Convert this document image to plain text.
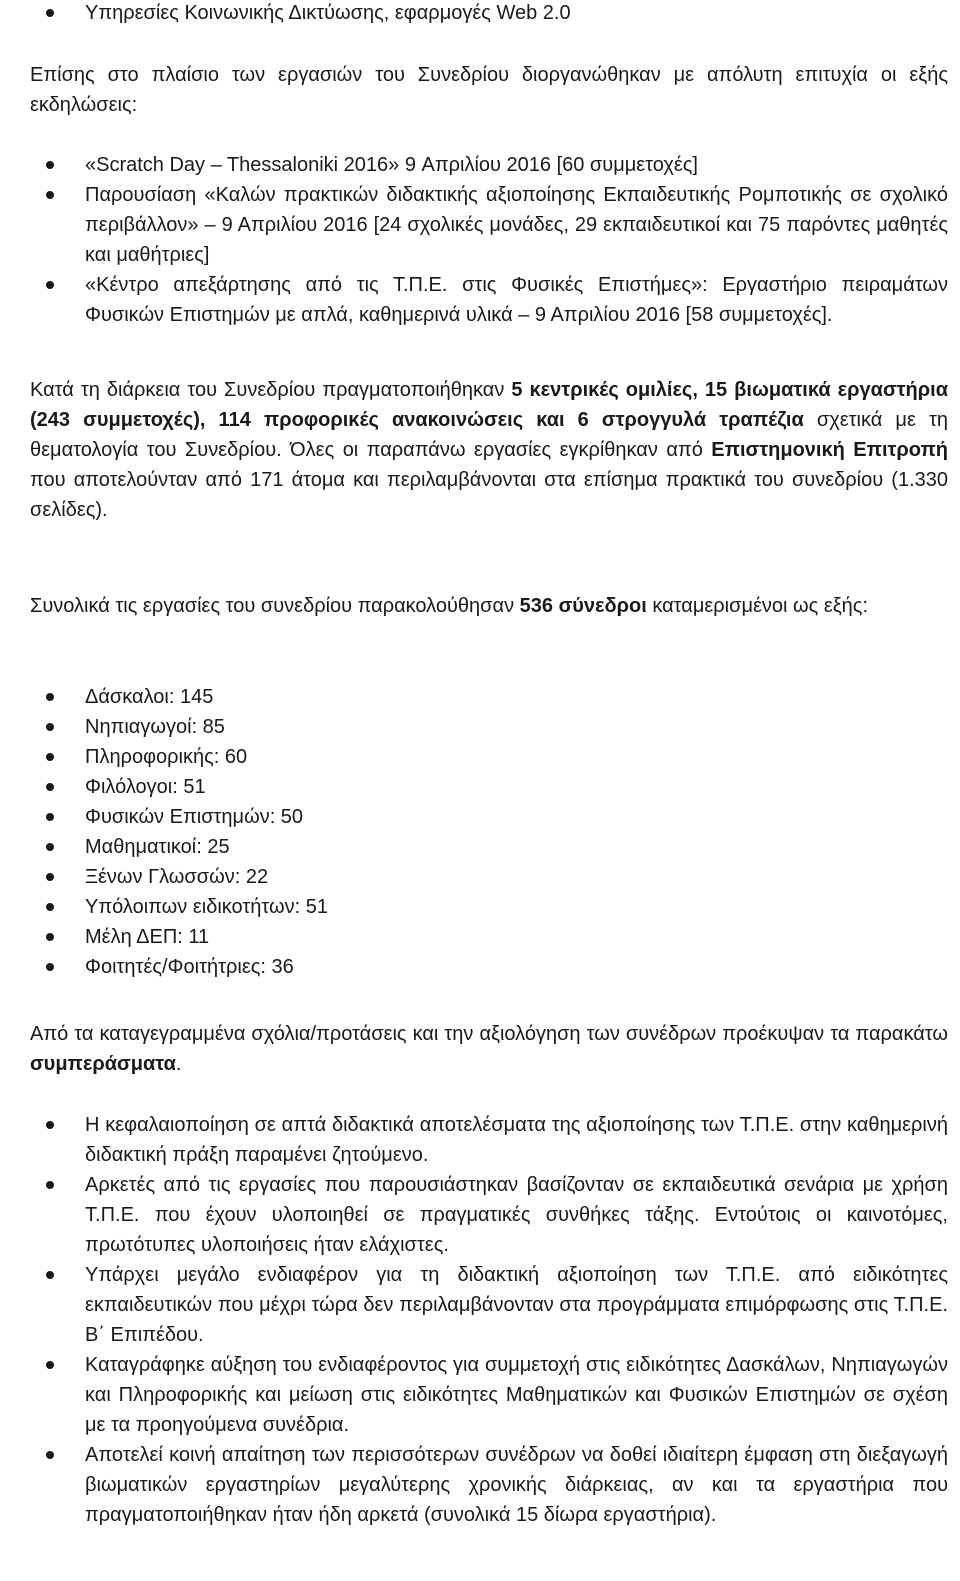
Υπηρεσίες Κοινωνικής Δικτύωσης, εφαρμογές Web 2.0

Επίσης στο πλαίσιο των εργασιών του Συνεδρίου διοργανώθηκαν με απόλυτη επιτυχία οι εξής εκδηλώσεις:

«Scratch Day – Thessaloniki 2016» 9 Απριλίου 2016 [60 συμμετοχές]
Παρουσίαση «Καλών πρακτικών διδακτικής αξιοποίησης Εκπαιδευτικής Ρομποτικής σε σχολικό περιβάλλον» – 9 Απριλίου 2016 [24 σχολικές μονάδες, 29 εκπαιδευτικοί και 75 παρόντες μαθητές και μαθήτριες]
«Κέντρο απεξάρτησης από τις Τ.Π.Ε. στις Φυσικές Επιστήμες»: Εργαστήριο πειραμάτων Φυσικών Επιστημών με απλά, καθημερινά υλικά – 9 Απριλίου 2016 [58 συμμετοχές].

Κατά τη διάρκεια του Συνεδρίου πραγματοποιήθηκαν 5 κεντρικές ομιλίες, 15 βιωματικά εργαστήρια (243 συμμετοχές), 114 προφορικές ανακοινώσεις και 6 στρογγυλά τραπέζια σχετικά με τη θεματολογία του Συνεδρίου. Όλες οι παραπάνω εργασίες εγκρίθηκαν από Επιστημονική Επιτροπή που αποτελούνταν από 171 άτομα και περιλαμβάνονται στα επίσημα πρακτικά του συνεδρίου (1.330 σελίδες).

Συνολικά τις εργασίες του συνεδρίου παρακολούθησαν 536 σύνεδροι καταμερισμένοι ως εξής:

Δάσκαλοι: 145
Νηπιαγωγοί: 85
Πληροφορικής: 60
Φιλόλογοι: 51
Φυσικών Επιστημών: 50
Μαθηματικοί: 25
Ξένων Γλωσσών: 22
Υπόλοιπων ειδικοτήτων: 51
Μέλη ΔΕΠ: 11
Φοιτητές/Φοιτήτριες: 36

Από τα καταγεγραμμένα σχόλια/προτάσεις και την αξιολόγηση των συνέδρων προέκυψαν τα παρακάτω συμπεράσματα.

Η κεφαλαιοποίηση σε απτά διδακτικά αποτελέσματα της αξιοποίησης των Τ.Π.Ε. στην καθημερινή διδακτική πράξη παραμένει ζητούμενο.
Αρκετές από τις εργασίες που παρουσιάστηκαν βασίζονταν σε εκπαιδευτικά σενάρια με χρήση Τ.Π.Ε. που έχουν υλοποιηθεί σε πραγματικές συνθήκες τάξης. Εντούτοις οι καινοτόμες, πρωτότυπες υλοποιήσεις ήταν ελάχιστες.
Υπάρχει μεγάλο ενδιαφέρον για τη διδακτική αξιοποίηση των Τ.Π.Ε. από ειδικότητες εκπαιδευτικών που μέχρι τώρα δεν περιλαμβάνονταν στα προγράμματα επιμόρφωσης στις Τ.Π.Ε. Β΄ Επιπέδου.
Καταγράφηκε αύξηση του ενδιαφέροντος για συμμετοχή στις ειδικότητες Δασκάλων, Νηπιαγωγών και Πληροφορικής και μείωση στις ειδικότητες Μαθηματικών και Φυσικών Επιστημών σε σχέση με τα προηγούμενα συνέδρια.
Αποτελεί κοινή απαίτηση των περισσότερων συνέδρων να δοθεί ιδιαίτερη έμφαση στη διεξαγωγή βιωματικών εργαστηρίων μεγαλύτερης χρονικής διάρκειας, αν και τα εργαστήρια που πραγματοποιήθηκαν ήταν ήδη αρκετά (συνολικά 15 δίωρα εργαστήρια).
